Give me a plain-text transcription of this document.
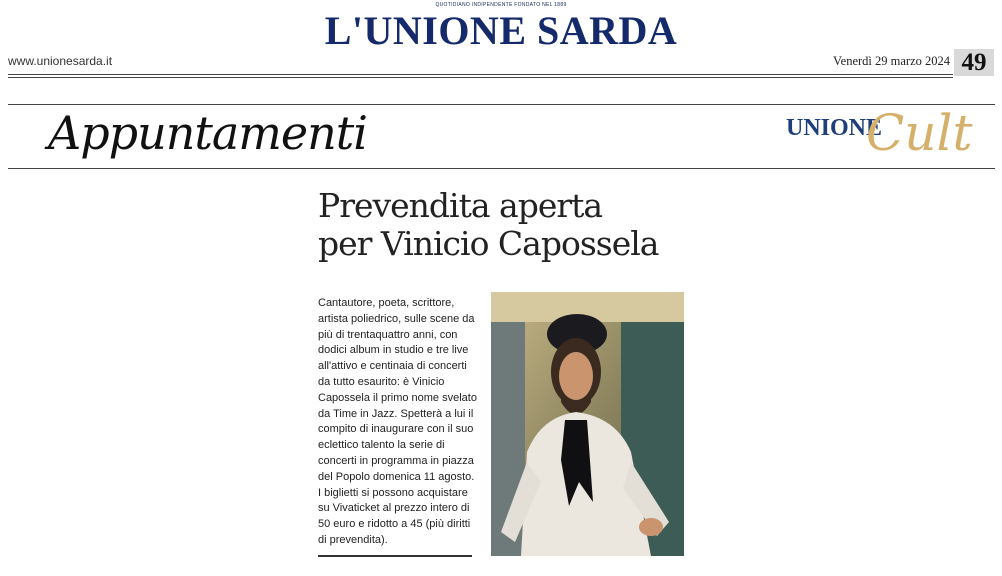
QUOTIDIANO INDIPENDENTE FONDATO NEL 1889
L'UNIONE SARDA
www.unionesarda.it	Venerdì 29 marzo 2024 49
Appuntamenti	UNIONE
Cult
Prevendita aperta
per Vinicio Capossela

Cantautore, poeta, scrittore, artista poliedrico, sulle scene da più di trentaquattro anni, con dodici album in studio e tre live all'attivo e centinaia di concerti da tutto esaurito: è Vinicio Capossela il primo nome svelato da Time in Jazz. Spetterà a lui il compito di inaugurare con il suo eclettico talento la serie di concerti in programma in piazza del Popolo domenica 11 agosto. I biglietti si possono acquistare su Vivaticket al prezzo intero di 50 euro e ridotto a 45 (più diritti di prevendita).
